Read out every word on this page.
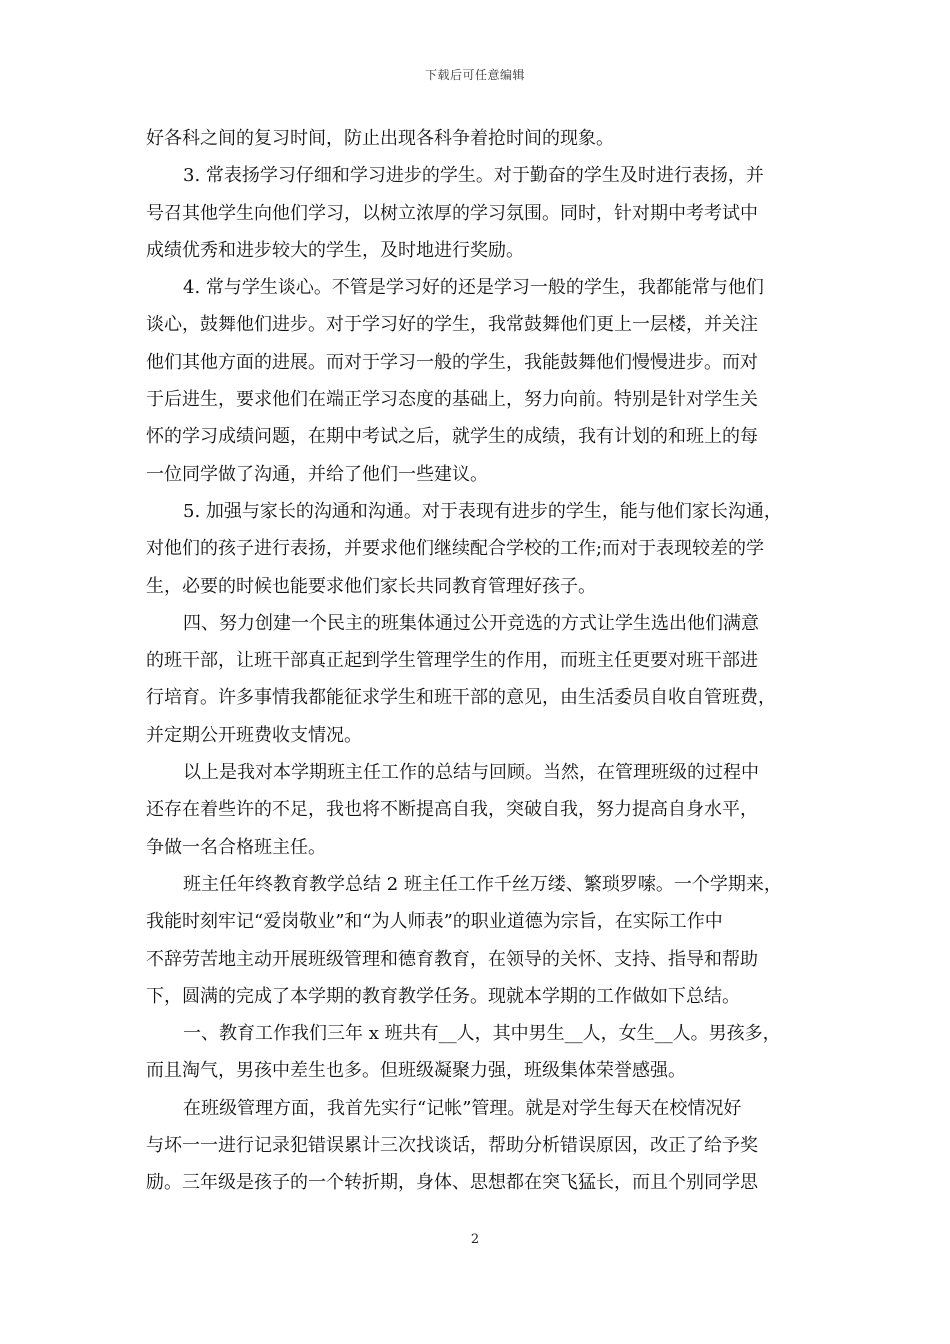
下载后可任意编辑
好各科之间的复习时间，防止出现各科争着抢时间的现象。
3. 常表扬学习仔细和学习进步的学生。对于勤奋的学生及时进行表扬，并
号召其他学生向他们学习，以树立浓厚的学习氛围。同时，针对期中考考试中
成绩优秀和进步较大的学生，及时地进行奖励。
4. 常与学生谈心。不管是学习好的还是学习一般的学生，我都能常与他们
谈心，鼓舞他们进步。对于学习好的学生，我常鼓舞他们更上一层楼，并关注
他们其他方面的进展。而对于学习一般的学生，我能鼓舞他们慢慢进步。而对
于后进生，要求他们在端正学习态度的基础上，努力向前。特别是针对学生关
怀的学习成绩问题，在期中考试之后，就学生的成绩，我有计划的和班上的每
一位同学做了沟通，并给了他们一些建议。
5. 加强与家长的沟通和沟通。对于表现有进步的学生，能与他们家长沟通，
对他们的孩子进行表扬，并要求他们继续配合学校的工作;而对于表现较差的学
生，必要的时候也能要求他们家长共同教育管理好孩子。
四、努力创建一个民主的班集体通过公开竞选的方式让学生选出他们满意
的班干部，让班干部真正起到学生管理学生的作用，而班主任更要对班干部进
行培育。许多事情我都能征求学生和班干部的意见，由生活委员自收自管班费，
并定期公开班费收支情况。
以上是我对本学期班主任工作的总结与回顾。当然，在管理班级的过程中
还存在着些许的不足，我也将不断提高自我，突破自我，努力提高自身水平，
争做一名合格班主任。
班主任年终教育教学总结 2 班主任工作千丝万缕、繁琐罗嗦。一个学期来，
我能时刻牢记“爱岗敬业”和“为人师表”的职业道德为宗旨，在实际工作中
不辞劳苦地主动开展班级管理和德育教育，在领导的关怀、支持、指导和帮助
下，圆满的完成了本学期的教育教学任务。现就本学期的工作做如下总结。
一、教育工作我们三年 x 班共有__人，其中男生__人，女生__人。男孩多，
而且淘气，男孩中差生也多。但班级凝聚力强，班级集体荣誉感强。
在班级管理方面，我首先实行“记帐”管理。就是对学生每天在校情况好
与坏一一进行记录犯错误累计三次找谈话，帮助分析错误原因，改正了给予奖
励。三年级是孩子的一个转折期，身体、思想都在突飞猛长，而且个别同学思
2
